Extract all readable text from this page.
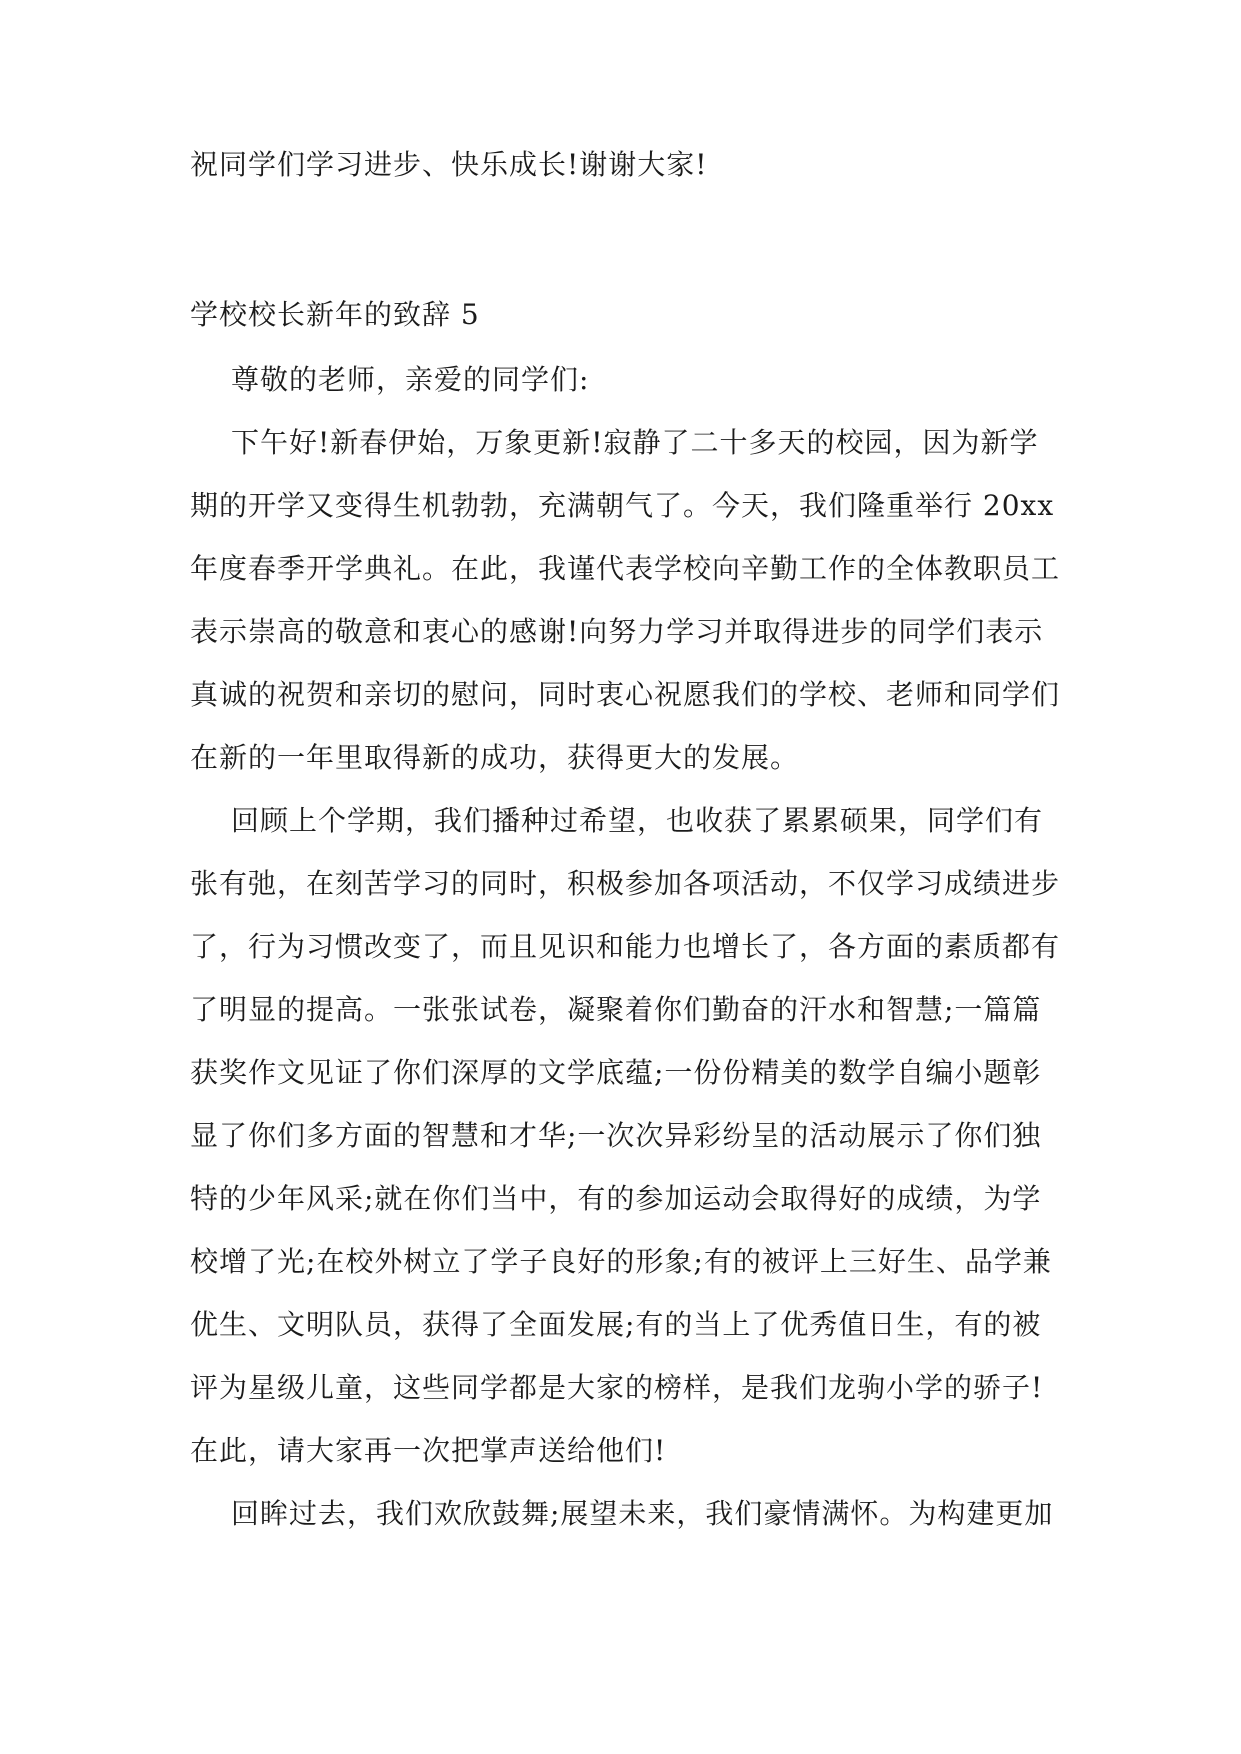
祝同学们学习进步、快乐成长!谢谢大家!
学校校长新年的致辞 5
尊敬的老师，亲爱的同学们:
下午好!新春伊始，万象更新!寂静了二十多天的校园，因为新学
期的开学又变得生机勃勃，充满朝气了。今天，我们隆重举行 20xx
年度春季开学典礼。在此，我谨代表学校向辛勤工作的全体教职员工
表示崇高的敬意和衷心的感谢!向努力学习并取得进步的同学们表示
真诚的祝贺和亲切的慰问，同时衷心祝愿我们的学校、老师和同学们
在新的一年里取得新的成功，获得更大的发展。
回顾上个学期，我们播种过希望，也收获了累累硕果，同学们有
张有弛，在刻苦学习的同时，积极参加各项活动，不仅学习成绩进步
了，行为习惯改变了，而且见识和能力也增长了，各方面的素质都有
了明显的提高。一张张试卷，凝聚着你们勤奋的汗水和智慧;一篇篇
获奖作文见证了你们深厚的文学底蕴;一份份精美的数学自编小题彰
显了你们多方面的智慧和才华;一次次异彩纷呈的活动展示了你们独
特的少年风采;就在你们当中，有的参加运动会取得好的成绩，为学
校增了光;在校外树立了学子良好的形象;有的被评上三好生、品学兼
优生、文明队员，获得了全面发展;有的当上了优秀值日生，有的被
评为星级儿童，这些同学都是大家的榜样，是我们龙驹小学的骄子!
在此，请大家再一次把掌声送给他们!
回眸过去，我们欢欣鼓舞;展望未来，我们豪情满怀。为构建更加
